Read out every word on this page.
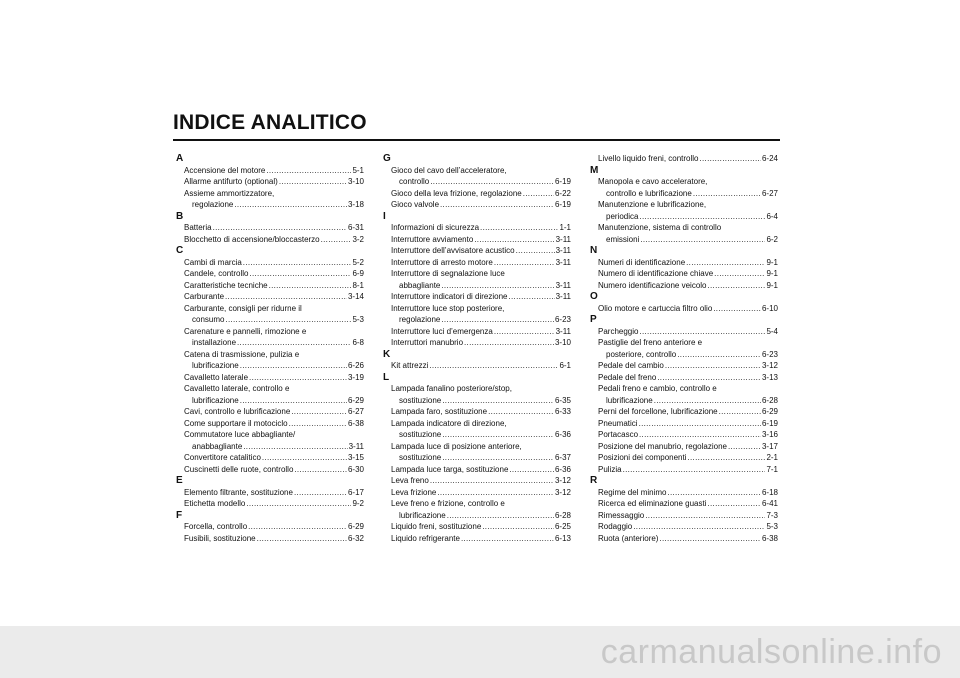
INDICE ANALITICO
A
Accensione del motore .....	5-1
Allarme antifurto (optional) .....	3-10
Assieme ammortizzatore,
regolazione .....	3-18
B
Batteria .....	6-31
Blocchetto di accensione/bloccasterzo .....	3-2
C
Cambi di marcia .....	5-2
Candele, controllo .....	6-9
Caratteristiche tecniche .....	8-1
Carburante .....	3-14
Carburante, consigli per ridurne il
consumo .....	5-3
Carenature e pannelli, rimozione e
installazione .....	6-8
Catena di trasmissione, pulizia e
lubrificazione .....	6-26
Cavalletto laterale .....	3-19
Cavalletto laterale, controllo e
lubrificazione .....	6-29
Cavi, controllo e lubrificazione .....	6-27
Come supportare il motociclo .....	6-38
Commutatore luce abbagliante/
anabbagliante .....	3-11
Convertitore catalitico .....	3-15
Cuscinetti delle ruote, controllo .....	6-30
E
Elemento filtrante, sostituzione .....	6-17
Etichetta modello .....	9-2
F
Forcella, controllo .....	6-29
Fusibili, sostituzione .....	6-32
G
Gioco del cavo dell’acceleratore,
controllo .....	6-19
Gioco della leva frizione, regolazione .....	6-22
Gioco valvole .....	6-19
I
Informazioni di sicurezza .....	1-1
Interruttore avviamento .....	3-11
Interruttore dell’avvisatore acustico .....	3-11
Interruttore di arresto motore .....	3-11
Interruttore di segnalazione luce
abbagliante .....	3-11
Interruttore indicatori di direzione .....	3-11
Interruttore luce stop posteriore,
regolazione .....	6-23
Interruttore luci d’emergenza .....	3-11
Interruttori manubrio .....	3-10
K
Kit attrezzi .....	6-1
L
Lampada fanalino posteriore/stop,
sostituzione .....	6-35
Lampada faro, sostituzione .....	6-33
Lampada indicatore di direzione,
sostituzione .....	6-36
Lampada luce di posizione anteriore,
sostituzione .....	6-37
Lampada luce targa, sostituzione .....	6-36
Leva freno .....	3-12
Leva frizione .....	3-12
Leve freno e frizione, controllo e
lubrificazione .....	6-28
Liquido freni, sostituzione .....	6-25
Liquido refrigerante .....	6-13
Livello liquido freni, controllo .....	6-24
M
Manopola e cavo acceleratore,
controllo e lubrificazione .....	6-27
Manutenzione e lubrificazione,
periodica .....	6-4
Manutenzione, sistema di controllo
emissioni .....	6-2
N
Numeri di identificazione .....	9-1
Numero di identificazione chiave .....	9-1
Numero identificazione veicolo .....	9-1
O
Olio motore e cartuccia filtro olio .....	6-10
P
Parcheggio .....	5-4
Pastiglie del freno anteriore e
posteriore, controllo .....	6-23
Pedale del cambio .....	3-12
Pedale del freno .....	3-13
Pedali freno e cambio, controllo e
lubrificazione .....	6-28
Perni del forcellone, lubrificazione .....	6-29
Pneumatici .....	6-19
Portacasco .....	3-16
Posizione del manubrio, regolazione .....	3-17
Posizioni dei componenti .....	2-1
Pulizia .....	7-1
R
Regime del minimo .....	6-18
Ricerca ed eliminazione guasti .....	6-41
Rimessaggio .....	7-3
Rodaggio .....	5-3
Ruota (anteriore) .....	6-38
carmanualsonline.info
